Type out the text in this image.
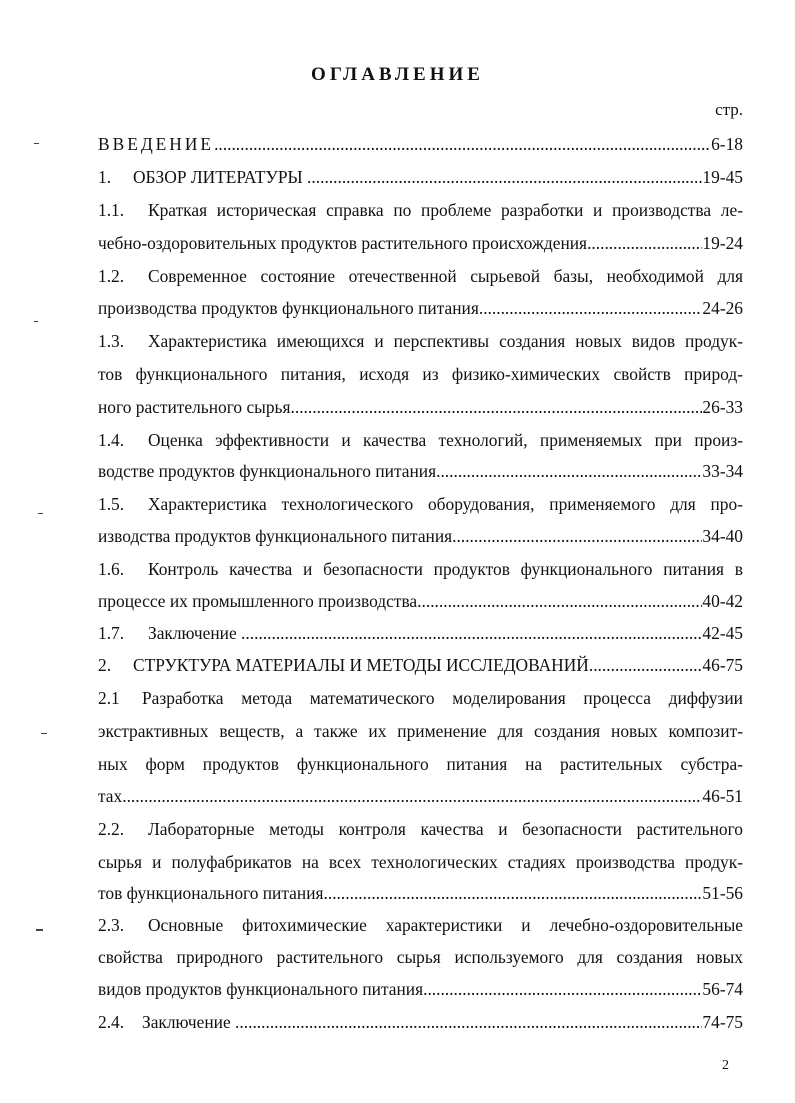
ОГЛАВЛЕНИЕ
стр.
ВВЕДЕНИЕ .....	6-18
1. ОБЗОР ЛИТЕРАТУРЫ .....	19-45
1.1. Краткая историческая справка по проблеме разработки и производства ле-
чебно-оздоровительных продуктов растительного происхождения .....	19-24
1.2. Современное состояние отечественной сырьевой базы, необходимой для
производства продуктов функционального питания .....	24-26
1.3. Характеристика имеющихся и перспективы создания новых видов продук-
тов функционального питания, исходя из физико-химических свойств природ-
ного растительного сырья .....	26-33
1.4. Оценка эффективности и качества технологий, применяемых при произ-
водстве продуктов функционального питания .....	33-34
1.5. Характеристика технологического оборудования, применяемого для про-
изводства продуктов функционального питания .....	34-40
1.6. Контроль качества и безопасности продуктов функционального питания в
процессе их промышленного производства .....	40-42
1.7. Заключение .....	42-45
2. СТРУКТУРА МАТЕРИАЛЫ И МЕТОДЫ ИССЛЕДОВАНИЙ .....	46-75
2.1 Разработка метода математического моделирования процесса диффузии
экстрактивных веществ, а также их применение для создания новых композит-
ных форм продуктов функционального питания на растительных субстра-
тах .....	46-51
2.2. Лабораторные методы контроля качества и безопасности растительного
сырья и полуфабрикатов на всех технологических стадиях производства продук-
тов функционального питания .....	51-56
2.3. Основные фитохимические характеристики и лечебно-оздоровительные
свойства природного растительного сырья используемого для создания новых
видов продуктов функционального питания .....	56-74
2.4. Заключение .....	74-75
2
